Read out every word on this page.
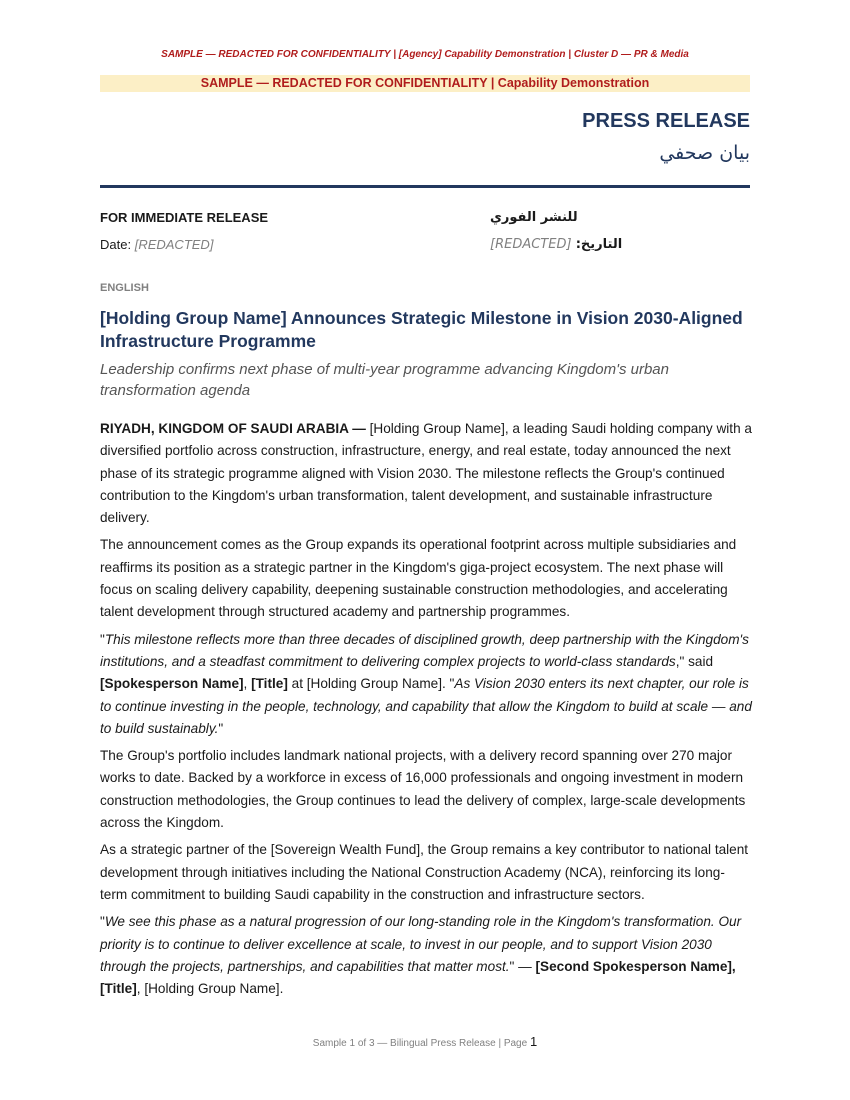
SAMPLE — REDACTED FOR CONFIDENTIALITY | [Agency] Capability Demonstration | Cluster D — PR & Media
SAMPLE — REDACTED FOR CONFIDENTIALITY | Capability Demonstration
PRESS RELEASE
بيان صحفي
FOR IMMEDIATE RELEASE
Date: [REDACTED]
للنشر الفوري
التاريخ: [REDACTED]
ENGLISH
[Holding Group Name] Announces Strategic Milestone in Vision 2030-Aligned Infrastructure Programme
Leadership confirms next phase of multi-year programme advancing Kingdom's urban transformation agenda

RIYADH, KINGDOM OF SAUDI ARABIA — [Holding Group Name], a leading Saudi holding company with a diversified portfolio across construction, infrastructure, energy, and real estate, today announced the next phase of its strategic programme aligned with Vision 2030. The milestone reflects the Group's continued contribution to the Kingdom's urban transformation, talent development, and sustainable infrastructure delivery.

The announcement comes as the Group expands its operational footprint across multiple subsidiaries and reaffirms its position as a strategic partner in the Kingdom's giga-project ecosystem. The next phase will focus on scaling delivery capability, deepening sustainable construction methodologies, and accelerating talent development through structured academy and partnership programmes.

"This milestone reflects more than three decades of disciplined growth, deep partnership with the Kingdom's institutions, and a steadfast commitment to delivering complex projects to world-class standards," said [Spokesperson Name], [Title] at [Holding Group Name]. "As Vision 2030 enters its next chapter, our role is to continue investing in the people, technology, and capability that allow the Kingdom to build at scale — and to build sustainably."

The Group's portfolio includes landmark national projects, with a delivery record spanning over 270 major works to date. Backed by a workforce in excess of 16,000 professionals and ongoing investment in modern construction methodologies, the Group continues to lead the delivery of complex, large-scale developments across the Kingdom.

As a strategic partner of the [Sovereign Wealth Fund], the Group remains a key contributor to national talent development through initiatives including the National Construction Academy (NCA), reinforcing its long-term commitment to building Saudi capability in the construction and infrastructure sectors.

"We see this phase as a natural progression of our long-standing role in the Kingdom's transformation. Our priority is to continue to deliver excellence at scale, to invest in our people, and to support Vision 2030 through the projects, partnerships, and capabilities that matter most." — [Second Spokesperson Name], [Title], [Holding Group Name].

Sample 1 of 3 — Bilingual Press Release | Page 1
